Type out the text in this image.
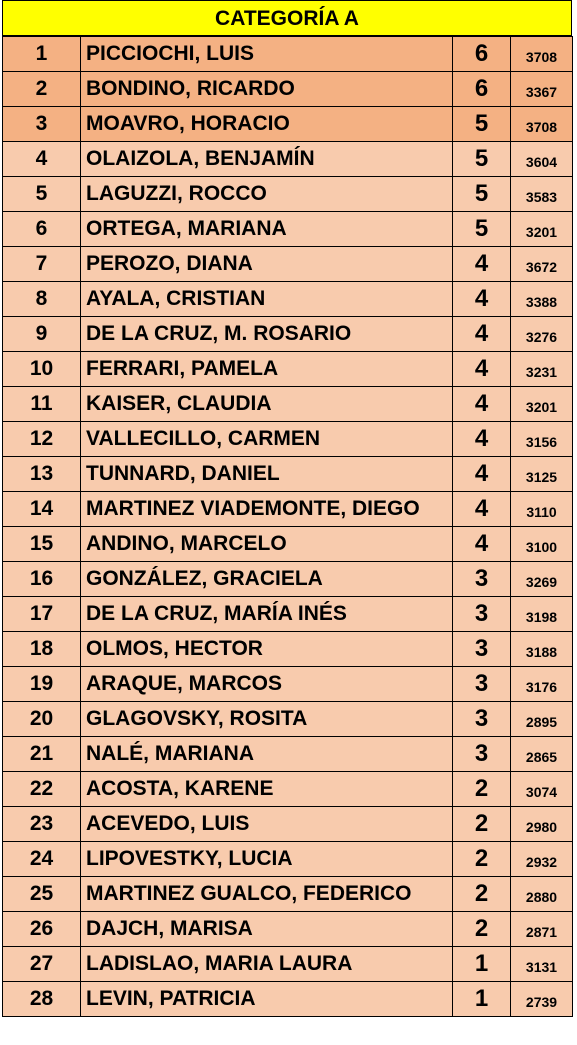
CATEGORÍA A
1	PICCIOCHI, LUIS	6	3708
2	BONDINO, RICARDO	6	3367
3	MOAVRO, HORACIO	5	3708
4	OLAIZOLA, BENJAMÍN	5	3604
5	LAGUZZI, ROCCO	5	3583
6	ORTEGA, MARIANA	5	3201
7	PEROZO, DIANA	4	3672
8	AYALA, CRISTIAN	4	3388
9	DE LA CRUZ, M. ROSARIO	4	3276
10	FERRARI, PAMELA	4	3231
11	KAISER, CLAUDIA	4	3201
12	VALLECILLO, CARMEN	4	3156
13	TUNNARD, DANIEL	4	3125
14	MARTINEZ VIADEMONTE, DIEGO	4	3110
15	ANDINO, MARCELO	4	3100
16	GONZÁLEZ, GRACIELA	3	3269
17	DE LA CRUZ, MARÍA INÉS	3	3198
18	OLMOS, HECTOR	3	3188
19	ARAQUE, MARCOS	3	3176
20	GLAGOVSKY, ROSITA	3	2895
21	NALÉ, MARIANA	3	2865
22	ACOSTA, KARENE	2	3074
23	ACEVEDO, LUIS	2	2980
24	LIPOVESTKY, LUCIA	2	2932
25	MARTINEZ GUALCO, FEDERICO	2	2880
26	DAJCH, MARISA	2	2871
27	LADISLAO, MARIA LAURA	1	3131
28	LEVIN, PATRICIA	1	2739
